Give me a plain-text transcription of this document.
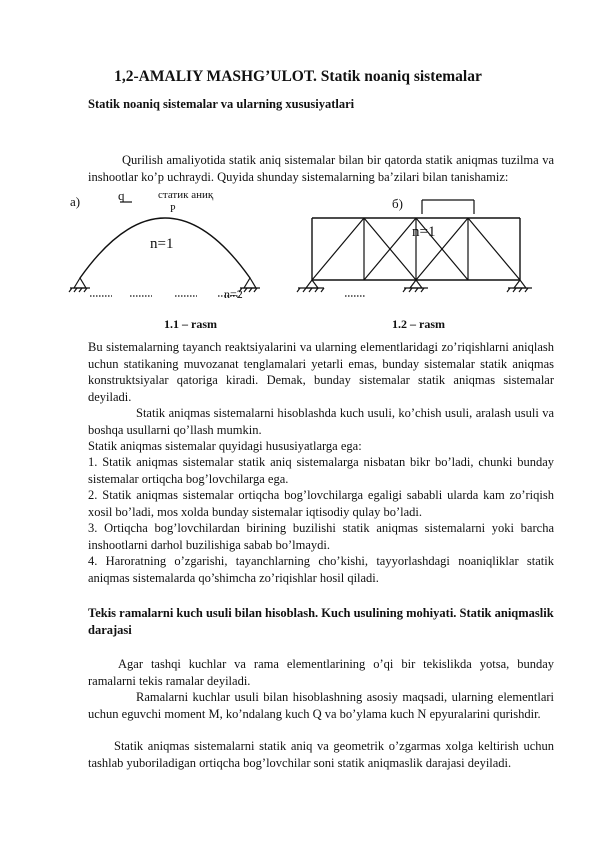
1,2-AMALIY MASHG’ULOT. Statik noaniq sistemalar
Statik noaniq sistemalar va ularning xususiyatlari

Qurilish amaliyotida statik aniq sistemalar bilan bir qatorda statik aniqmas tuzilma va inshootlar ko’p uchraydi. Quyida shunday sistemalarning ba’zilari bilan tanishamiz:

а)	q	статик аниқ
P
n=1
n=2
1.1 – rasm
б)
n=1
1.2 – rasm

Bu sistemalarning tayanch reaktsiyalarini va ularning elementlaridagi zo’riqishlarni aniqlash uchun statikaning muvozanat tenglamalari yetarli emas, bunday sistemalar statik aniqmas konstruktsiyalar qatoriga kiradi. Demak, bunday sistemalar statik aniqmas sistemalar deyiladi.

Statik aniqmas sistemalarni hisoblashda kuch usuli, ko’chish usuli, aralash usuli va boshqa usullarni qo’llash mumkin.

Statik aniqmas sistemalar quyidagi hususiyatlarga ega:

1. Statik aniqmas sistemalar statik aniq sistemalarga nisbatan bikr bo’ladi, chunki bunday sistemalar ortiqcha bog’lovchilarga ega.

2. Statik aniqmas sistemalar ortiqcha bog’lovchilarga egaligi sababli ularda kam zo’riqish xosil bo’ladi, mos xolda bunday sistemalar iqtisodiy qulay bo’ladi.

3. Ortiqcha bog’lovchilardan birining buzilishi statik aniqmas sistemalarni yoki barcha inshootlarni darhol buzilishiga sabab bo’lmaydi.

4. Haroratning o’zgarishi, tayanchlarning cho’kishi, tayyorlashdagi noaniqliklar statik aniqmas sistemalarda qo’shimcha zo’riqishlar hosil qiladi.

Tekis ramalarni kuch usuli bilan hisoblash. Kuch usulining mohiyati. Statik aniqmaslik darajasi

Agar tashqi kuchlar va rama elementlarining o’qi bir tekislikda yotsa, bunday ramalarni tekis ramalar deyiladi.

Ramalarni kuchlar usuli bilan hisoblashning asosiy maqsadi, ularning elementlari uchun eguvchi moment M, ko’ndalang kuch Q va bo’ylama kuch N epyuralarini qurishdir.

Statik aniqmas sistemalarni statik aniq va geometrik o’zgarmas xolga keltirish uchun tashlab yuboriladigan ortiqcha bog’lovchilar soni statik aniqmaslik darajasi deyiladi.
